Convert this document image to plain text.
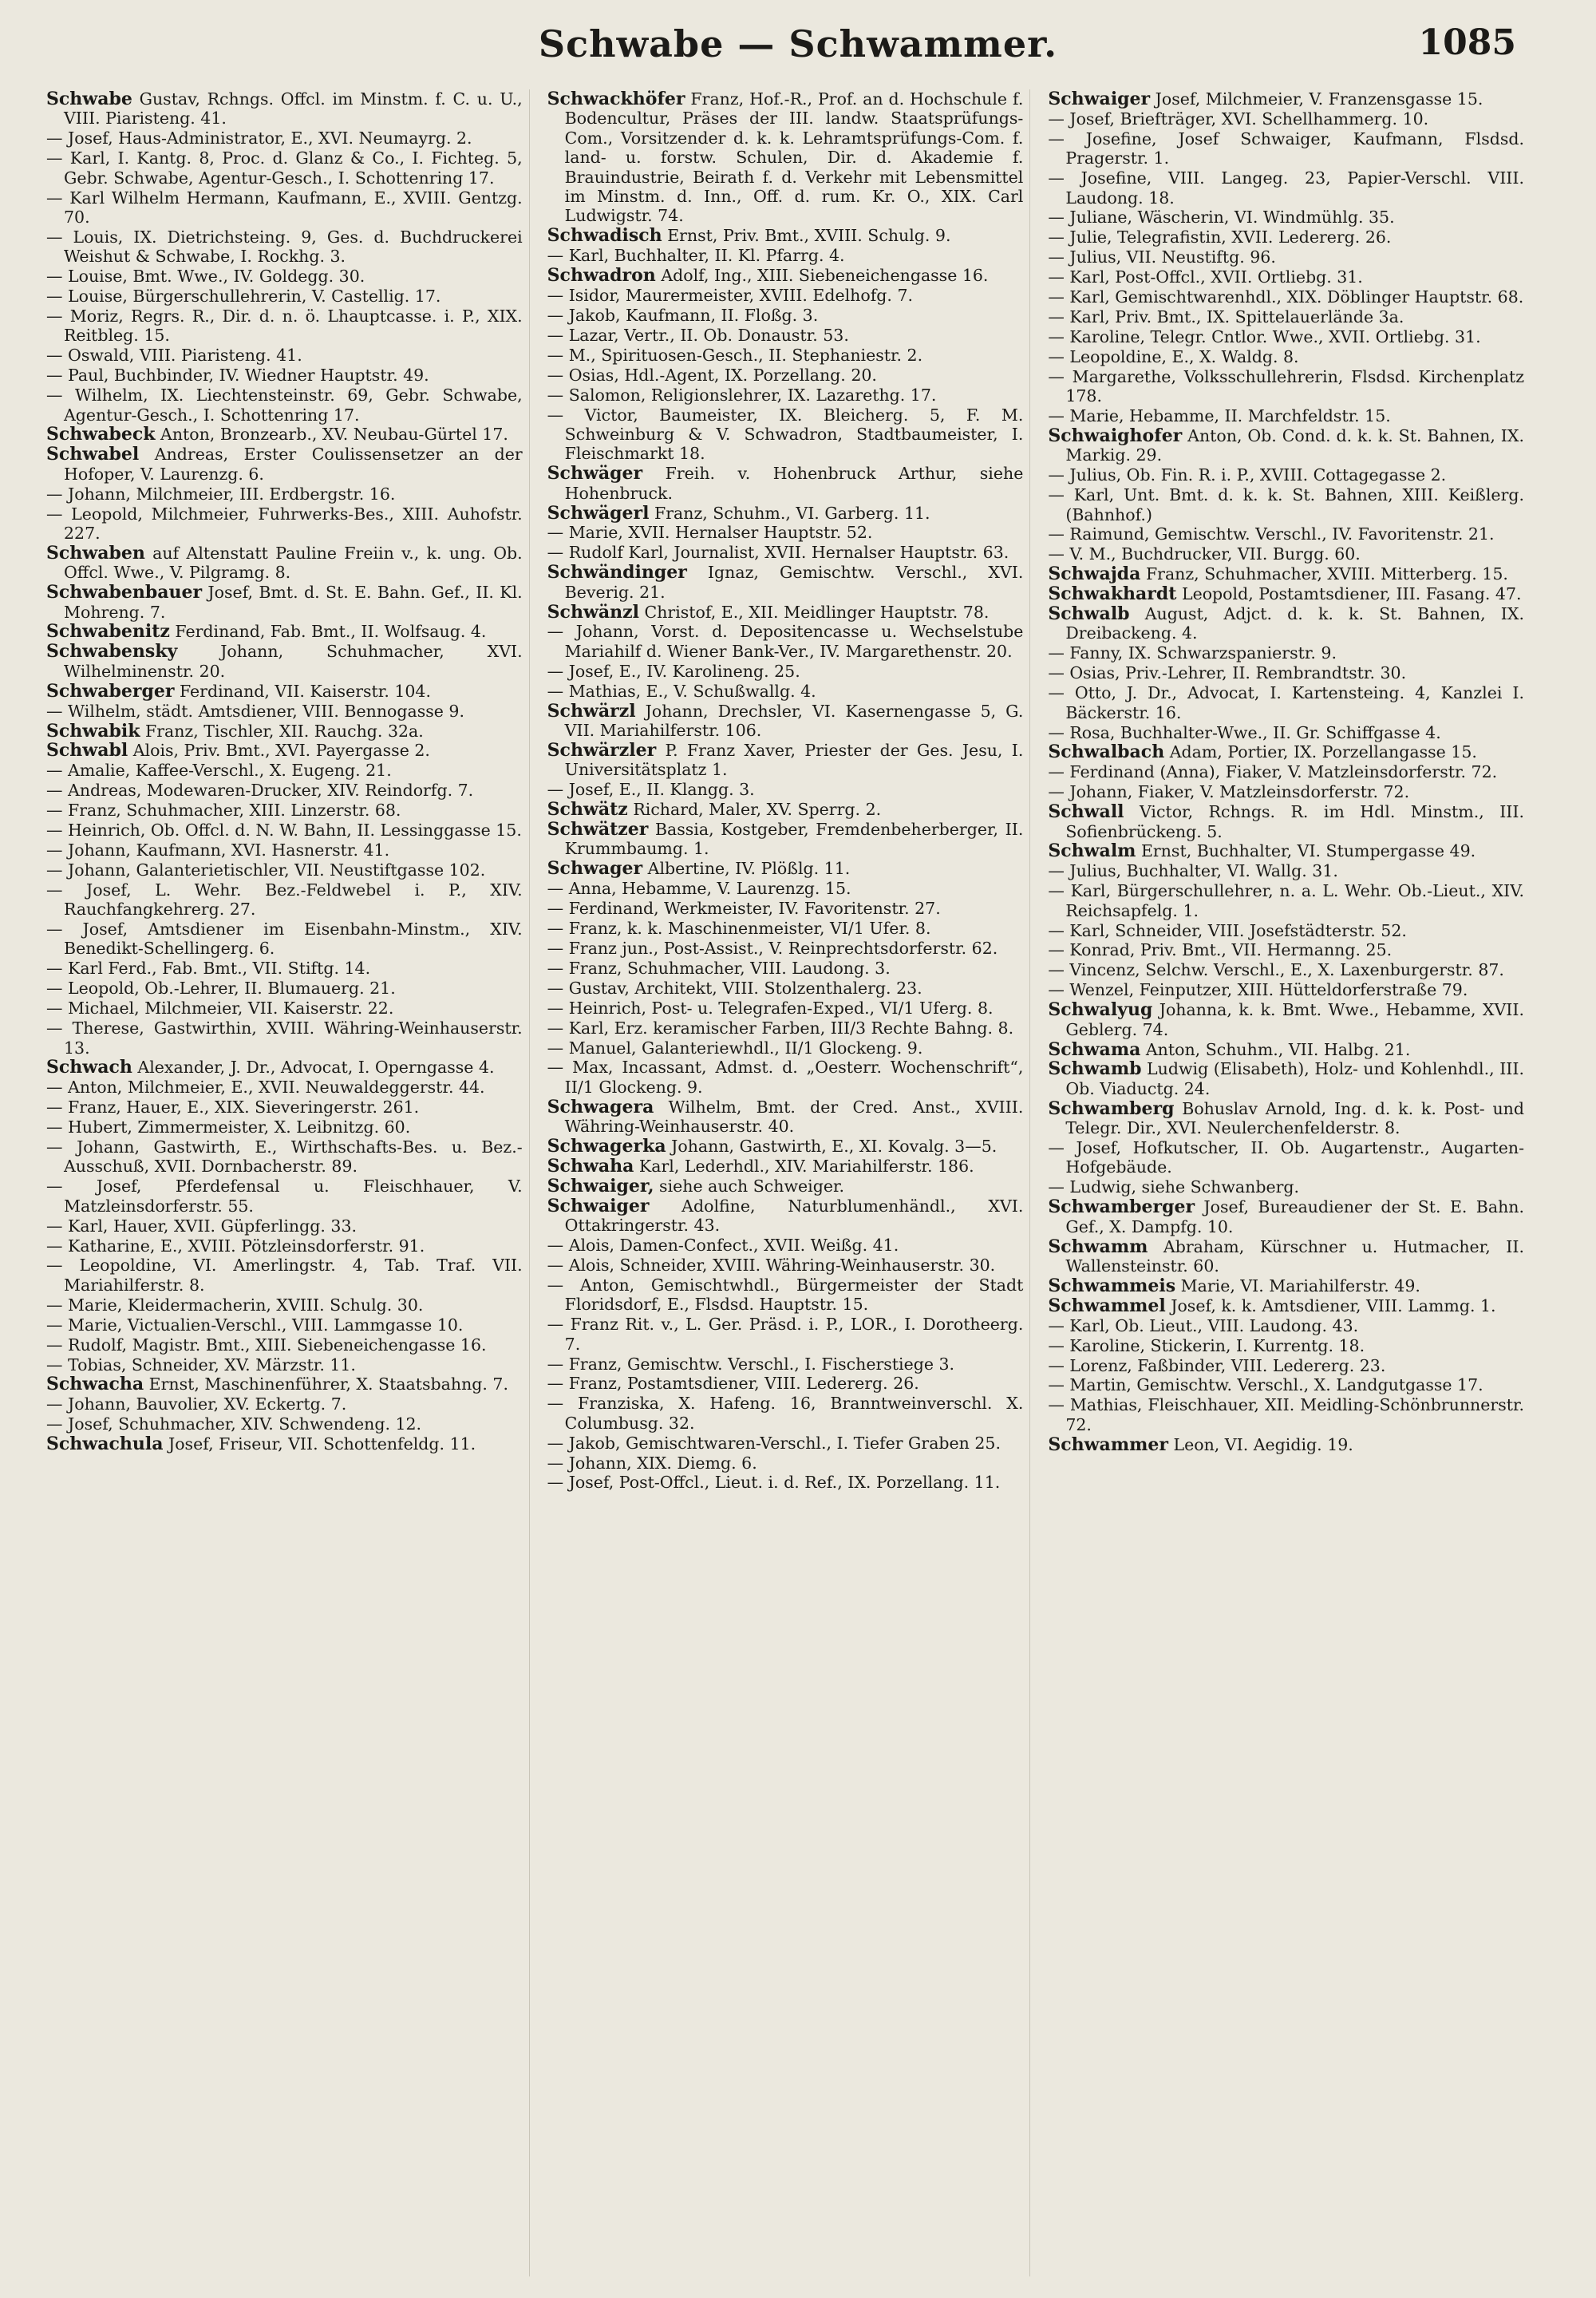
Schwabe — Schwammer.	1085

Schwabe Gustav, Rchngs. Offcl. im Minstm. f. C. u. U., VIII. Piaristeng. 41.

— Josef, Haus-Administrator, E., XVI. Neumayrg. 2.

— Karl, I. Kantg. 8, Proc. d. Glanz & Co., I. Fichteg. 5, Gebr. Schwabe, Agentur-Gesch., I. Schottenring 17.

— Karl Wilhelm Hermann, Kaufmann, E., XVIII. Gentzg. 70.

— Louis, IX. Dietrichsteing. 9, Ges. d. Buchdruckerei Weishut & Schwabe, I. Rockhg. 3.

— Louise, Bmt. Wwe., IV. Goldegg. 30.

— Louise, Bürgerschullehrerin, V. Castellig. 17.

— Moriz, Regrs. R., Dir. d. n. ö. Lhauptcasse. i. P., XIX. Reitbleg. 15.

— Oswald, VIII. Piaristeng. 41.

— Paul, Buchbinder, IV. Wiedner Hauptstr. 49.

— Wilhelm, IX. Liechtensteinstr. 69, Gebr. Schwabe, Agentur-Gesch., I. Schottenring 17.

Schwabeck Anton, Bronzearb., XV. Neubau-Gürtel 17.

Schwabel Andreas, Erster Coulissensetzer an der Hofoper, V. Laurenzg. 6.

— Johann, Milchmeier, III. Erdbergstr. 16.

— Leopold, Milchmeier, Fuhrwerks-Bes., XIII. Auhofstr. 227.

Schwaben auf Altenstatt Pauline Freiin v., k. ung. Ob. Offcl. Wwe., V. Pilgramg. 8.

Schwabenbauer Josef, Bmt. d. St. E. Bahn. Gef., II. Kl. Mohreng. 7.

Schwabenitz Ferdinand, Fab. Bmt., II. Wolfsaug. 4.

Schwabensky Johann, Schuhmacher, XVI. Wilhelminenstr. 20.

Schwaberger Ferdinand, VII. Kaiserstr. 104.

— Wilhelm, städt. Amtsdiener, VIII. Bennogasse 9.

Schwabik Franz, Tischler, XII. Rauchg. 32a.

Schwabl Alois, Priv. Bmt., XVI. Payergasse 2.

— Amalie, Kaffee-Verschl., X. Eugeng. 21.

— Andreas, Modewaren-Drucker, XIV. Reindorfg. 7.

— Franz, Schuhmacher, XIII. Linzerstr. 68.

— Heinrich, Ob. Offcl. d. N. W. Bahn, II. Lessinggasse 15.

— Johann, Kaufmann, XVI. Hasnerstr. 41.

— Johann, Galanterietischler, VII. Neustiftgasse 102.

— Josef, L. Wehr. Bez.-Feldwebel i. P., XIV. Rauchfangkehrerg. 27.

— Josef, Amtsdiener im Eisenbahn-Minstm., XIV. Benedikt-Schellingerg. 6.

— Karl Ferd., Fab. Bmt., VII. Stiftg. 14.

— Leopold, Ob.-Lehrer, II. Blumauerg. 21.

— Michael, Milchmeier, VII. Kaiserstr. 22.

— Therese, Gastwirthin, XVIII. Währing-Weinhauserstr. 13.

Schwach Alexander, J. Dr., Advocat, I. Operngasse 4.

— Anton, Milchmeier, E., XVII. Neuwaldeggerstr. 44.

— Franz, Hauer, E., XIX. Sieveringerstr. 261.

— Hubert, Zimmermeister, X. Leibnitzg. 60.

— Johann, Gastwirth, E., Wirthschafts-Bes. u. Bez.-Ausschuß, XVII. Dornbacherstr. 89.

— Josef, Pferdefensal u. Fleischhauer, V. Matzleinsdorferstr. 55.

— Karl, Hauer, XVII. Güpferlingg. 33.

— Katharine, E., XVIII. Pötzleinsdorferstr. 91.

— Leopoldine, VI. Amerlingstr. 4, Tab. Traf. VII. Mariahilferstr. 8.

— Marie, Kleidermacherin, XVIII. Schulg. 30.

— Marie, Victualien-Verschl., VIII. Lammgasse 10.

— Rudolf, Magistr. Bmt., XIII. Siebeneichengasse 16.

— Tobias, Schneider, XV. Märzstr. 11.

Schwacha Ernst, Maschinenführer, X. Staatsbahng. 7.

— Johann, Bauvolier, XV. Eckertg. 7.

— Josef, Schuhmacher, XIV. Schwendeng. 12.

Schwachula Josef, Friseur, VII. Schottenfeldg. 11.

Schwackhöfer Franz, Hof.-R., Prof. an d. Hochschule f. Bodencultur, Präses der III. landw. Staatsprüfungs-Com., Vorsitzender d. k. k. Lehramtsprüfungs-Com. f. land- u. forstw. Schulen, Dir. d. Akademie f. Brauindustrie, Beirath f. d. Verkehr mit Lebensmittel im Minstm. d. Inn., Off. d. rum. Kr. O., XIX. Carl Ludwigstr. 74.

Schwadisch Ernst, Priv. Bmt., XVIII. Schulg. 9.

— Karl, Buchhalter, II. Kl. Pfarrg. 4.

Schwadron Adolf, Ing., XIII. Siebeneichengasse 16.

— Isidor, Maurermeister, XVIII. Edelhofg. 7.

— Jakob, Kaufmann, II. Floßg. 3.

— Lazar, Vertr., II. Ob. Donaustr. 53.

— M., Spirituosen-Gesch., II. Stephaniestr. 2.

— Osias, Hdl.-Agent, IX. Porzellang. 20.

— Salomon, Religionslehrer, IX. Lazarethg. 17.

— Victor, Baumeister, IX. Bleicherg. 5, F. M. Schweinburg & V. Schwadron, Stadtbaumeister, I. Fleischmarkt 18.

Schwäger Freih. v. Hohenbruck Arthur, siehe Hohenbruck.

Schwägerl Franz, Schuhm., VI. Garberg. 11.

— Marie, XVII. Hernalser Hauptstr. 52.

— Rudolf Karl, Journalist, XVII. Hernalser Hauptstr. 63.

Schwändinger Ignaz, Gemischtw. Verschl., XVI. Beverig. 21.

Schwänzl Christof, E., XII. Meidlinger Hauptstr. 78.

— Johann, Vorst. d. Depositencasse u. Wechselstube Mariahilf d. Wiener Bank-Ver., IV. Margarethenstr. 20.

— Josef, E., IV. Karolineng. 25.

— Mathias, E., V. Schußwallg. 4.

Schwärzl Johann, Drechsler, VI. Kasernengasse 5, G. VII. Mariahilferstr. 106.

Schwärzler P. Franz Xaver, Priester der Ges. Jesu, I. Universitätsplatz 1.

— Josef, E., II. Klangg. 3.

Schwätz Richard, Maler, XV. Sperrg. 2.

Schwätzer Bassia, Kostgeber, Fremdenbeherberger, II. Krummbaumg. 1.

Schwager Albertine, IV. Plößlg. 11.

— Anna, Hebamme, V. Laurenzg. 15.

— Ferdinand, Werkmeister, IV. Favoritenstr. 27.

— Franz, k. k. Maschinenmeister, VI/1 Ufer. 8.

— Franz jun., Post-Assist., V. Reinprechtsdorferstr. 62.

— Franz, Schuhmacher, VIII. Laudong. 3.

— Gustav, Architekt, VIII. Stolzenthalerg. 23.

— Heinrich, Post- u. Telegrafen-Exped., VI/1 Uferg. 8.

— Karl, Erz. keramischer Farben, III/3 Rechte Bahng. 8.

— Manuel, Galanteriewhdl., II/1 Glockeng. 9.

— Max, Incassant, Admst. d. „Oesterr. Wochenschrift“, II/1 Glockeng. 9.

Schwagera Wilhelm, Bmt. der Cred. Anst., XVIII. Währing-Weinhauserstr. 40.

Schwagerka Johann, Gastwirth, E., XI. Kovalg. 3—5.

Schwaha Karl, Lederhdl., XIV. Mariahilferstr. 186.

Schwaiger, siehe auch Schweiger.

Schwaiger Adolfine, Naturblumenhändl., XVI. Ottakringerstr. 43.

— Alois, Damen-Confect., XVII. Weißg. 41.

— Alois, Schneider, XVIII. Währing-Weinhauserstr. 30.

— Anton, Gemischtwhdl., Bürgermeister der Stadt Floridsdorf, E., Flsdsd. Hauptstr. 15.

— Franz Rit. v., L. Ger. Präsd. i. P., LOR., I. Dorotheerg. 7.

— Franz, Gemischtw. Verschl., I. Fischerstiege 3.

— Franz, Postamtsdiener, VIII. Ledererg. 26.

— Franziska, X. Hafeng. 16, Branntweinverschl. X. Columbusg. 32.

— Jakob, Gemischtwaren-Verschl., I. Tiefer Graben 25.

— Johann, XIX. Diemg. 6.

— Josef, Post-Offcl., Lieut. i. d. Ref., IX. Porzellang. 11.

Schwaiger Josef, Milchmeier, V. Franzensgasse 15.

— Josef, Briefträger, XVI. Schellhammerg. 10.

— Josefine, Josef Schwaiger, Kaufmann, Flsdsd. Pragerstr. 1.

— Josefine, VIII. Langeg. 23, Papier-Verschl. VIII. Laudong. 18.

— Juliane, Wäscherin, VI. Windmühlg. 35.

— Julie, Telegrafistin, XVII. Ledererg. 26.

— Julius, VII. Neustiftg. 96.

— Karl, Post-Offcl., XVII. Ortliebg. 31.

— Karl, Gemischtwarenhdl., XIX. Döblinger Hauptstr. 68.

— Karl, Priv. Bmt., IX. Spittelauerlände 3a.

— Karoline, Telegr. Cntlor. Wwe., XVII. Ortliebg. 31.

— Leopoldine, E., X. Waldg. 8.

— Margarethe, Volksschullehrerin, Flsdsd. Kirchenplatz 178.

— Marie, Hebamme, II. Marchfeldstr. 15.

Schwaighofer Anton, Ob. Cond. d. k. k. St. Bahnen, IX. Markig. 29.

— Julius, Ob. Fin. R. i. P., XVIII. Cottagegasse 2.

— Karl, Unt. Bmt. d. k. k. St. Bahnen, XIII. Keißlerg. (Bahnhof.)

— Raimund, Gemischtw. Verschl., IV. Favoritenstr. 21.

— V. M., Buchdrucker, VII. Burgg. 60.

Schwajda Franz, Schuhmacher, XVIII. Mitterberg. 15.

Schwakhardt Leopold, Postamtsdiener, III. Fasang. 47.

Schwalb August, Adjct. d. k. k. St. Bahnen, IX. Dreibackeng. 4.

— Fanny, IX. Schwarzspanierstr. 9.

— Osias, Priv.-Lehrer, II. Rembrandtstr. 30.

— Otto, J. Dr., Advocat, I. Kartensteing. 4, Kanzlei I. Bäckerstr. 16.

— Rosa, Buchhalter-Wwe., II. Gr. Schiffgasse 4.

Schwalbach Adam, Portier, IX. Porzellangasse 15.

— Ferdinand (Anna), Fiaker, V. Matzleinsdorferstr. 72.

— Johann, Fiaker, V. Matzleinsdorferstr. 72.

Schwall Victor, Rchngs. R. im Hdl. Minstm., III. Sofienbrückeng. 5.

Schwalm Ernst, Buchhalter, VI. Stumpergasse 49.

— Julius, Buchhalter, VI. Wallg. 31.

— Karl, Bürgerschullehrer, n. a. L. Wehr. Ob.-Lieut., XIV. Reichsapfelg. 1.

— Karl, Schneider, VIII. Josefstädterstr. 52.

— Konrad, Priv. Bmt., VII. Hermanng. 25.

— Vincenz, Selchw. Verschl., E., X. Laxenburgerstr. 87.

— Wenzel, Feinputzer, XIII. Hütteldorferstraße 79.

Schwalyug Johanna, k. k. Bmt. Wwe., Hebamme, XVII. Geblerg. 74.

Schwama Anton, Schuhm., VII. Halbg. 21.

Schwamb Ludwig (Elisabeth), Holz- und Kohlenhdl., III. Ob. Viaductg. 24.

Schwamberg Bohuslav Arnold, Ing. d. k. k. Post- und Telegr. Dir., XVI. Neulerchenfelderstr. 8.

— Josef, Hofkutscher, II. Ob. Augartenstr., Augarten-Hofgebäude.

— Ludwig, siehe Schwanberg.

Schwamberger Josef, Bureaudiener der St. E. Bahn. Gef., X. Dampfg. 10.

Schwamm Abraham, Kürschner u. Hutmacher, II. Wallensteinstr. 60.

Schwammeis Marie, VI. Mariahilferstr. 49.

Schwammel Josef, k. k. Amtsdiener, VIII. Lammg. 1.

— Karl, Ob. Lieut., VIII. Laudong. 43.

— Karoline, Stickerin, I. Kurrentg. 18.

— Lorenz, Faßbinder, VIII. Ledererg. 23.

— Martin, Gemischtw. Verschl., X. Landgutgasse 17.

— Mathias, Fleischhauer, XII. Meidling-Schönbrunnerstr. 72.

Schwammer Leon, VI. Aegidig. 19.
